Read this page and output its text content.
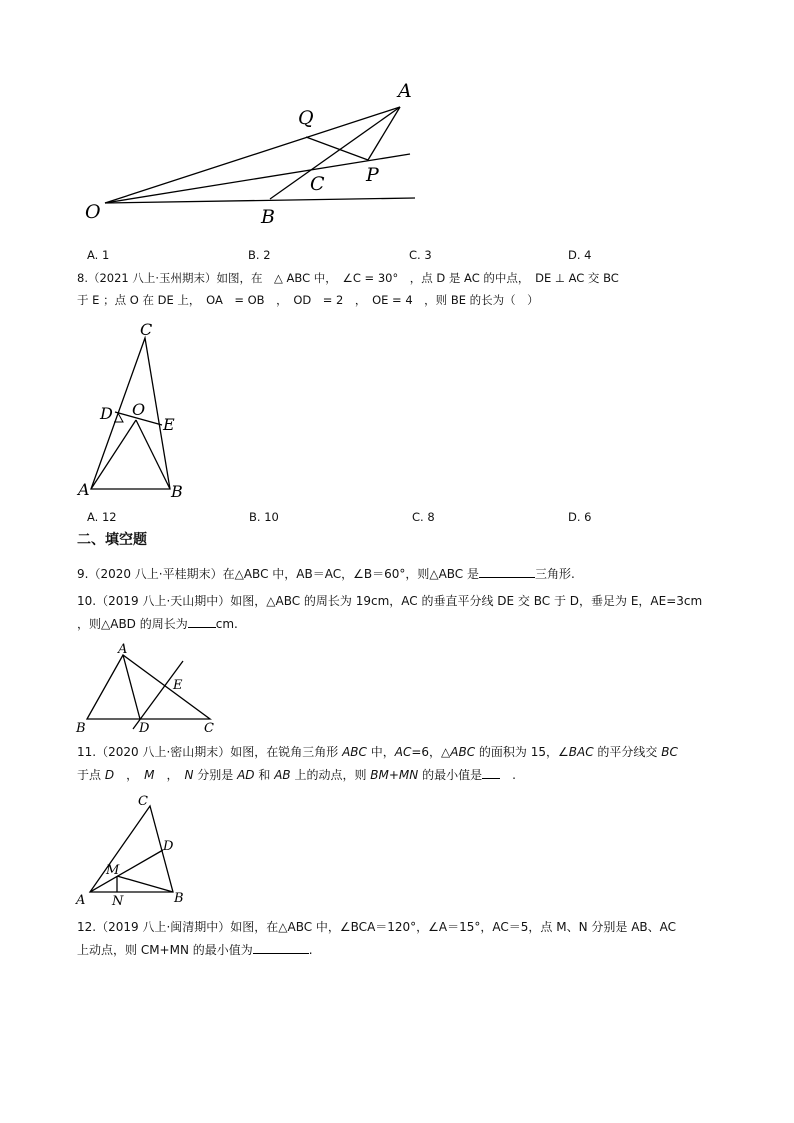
A
Q
P
C
O	B
A. 1	B. 2	C. 3	D. 4
8.（2021 八上·玉州期末）如图，在　△ ABC 中，　∠C = 30°　，点 D 是 AC 的中点，　DE ⊥ AC 交 BC
于 E ；点 O 在 DE 上，　OA　= OB　，　OD　= 2　，　OE = 4　，则 BE 的长为（　）
C
D O
E
A	B
A. 12	B. 10	C. 8	D. 6
二、填空题
9.（2020 八上·平桂期末）在△ABC 中，AB＝AC，∠B＝60°，则△ABC 是	三角形.
10.（2019 八上·天山期中）如图，△ABC 的周长为 19cm，AC 的垂直平分线 DE 交 BC 于 D，垂足为 E，AE=3cm
，则△ABD 的周长为 cm.
A
E
B	D	C
11.（2020 八上·密山期末）如图，在锐角三角形 ABC 中，AC=6，△ABC 的面积为 15，∠BAC 的平分线交 BC
于点 D　，　M　，　N 分别是 AD 和 AB 上的动点，则 BM+MN 的最小值是　.
C
D
M
A N	B
12.（2019 八上·闽清期中）如图，在△ABC 中，∠BCA＝120°，∠A＝15°，AC＝5，点 M、N 分别是 AB、AC
上动点，则 CM+MN 的最小值为	.
